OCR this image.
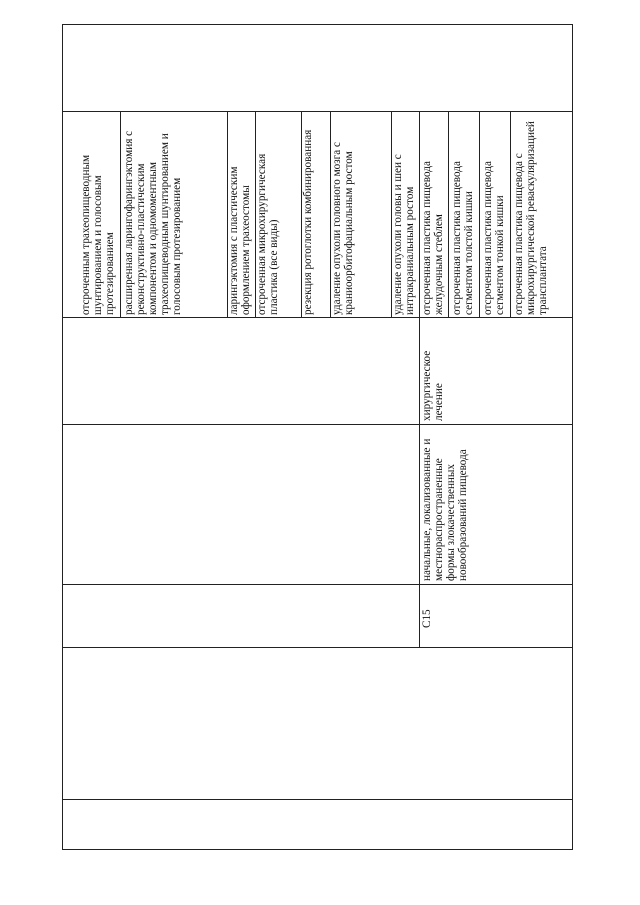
отсроченным трахеопищеводным шунтированием и голосовым протезированием расширенная ларингофарингэктомия с реконструктивно-пластическим компонентом и одномоментным трахеопищеводным шунтированием и голосовым протезированием	ларингэктомия с пластическим оформлением трахеостомы отсроченная микрохирургическая пластика (все виды) резекция ротоглотки комбинированная удаление опухоли головного мозга с краниоорбитофациальным ростом	удаление опухоли головы и шеи с интракраниальным ростом отсроченная пластика пищевода желудочным стеблем отсроченная пластика пищевода сегментом толстой кишки отсроченная пластика пищевода сегментом тонкой кишки отсроченная пластика пищевода с микрохирургической реваскуляризацией трансплантата
хирургическое лечение
начальные, локализованные и местнораспространенные формы злокачественных новообразований пищевода
C15
